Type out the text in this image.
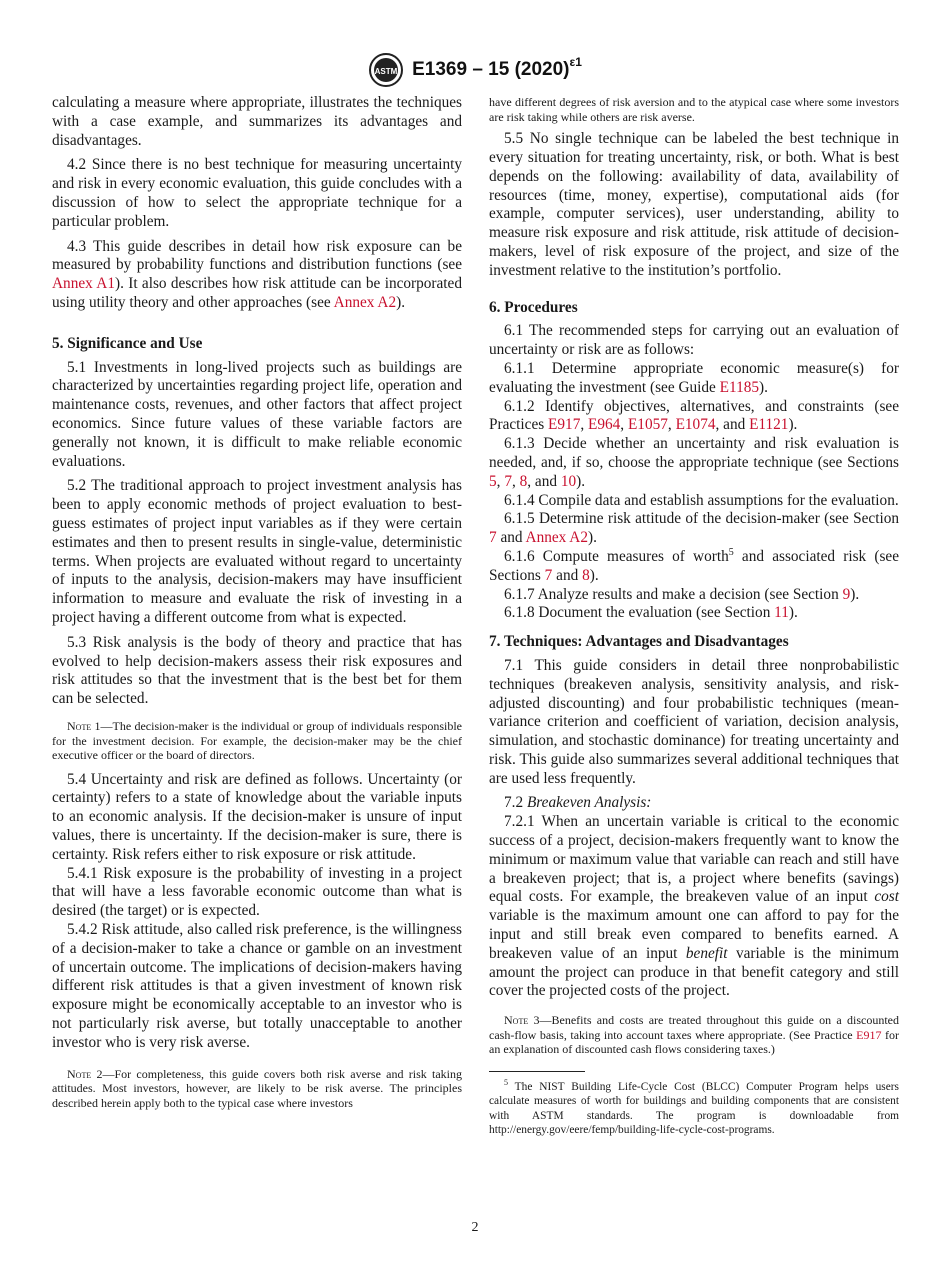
ASTM E1369 – 15 $(2020)^{\varepsilon 1}$

calculating a measure where appropriate, illustrates the techniques with a case example, and summarizes its advantages and disadvantages.

4.2 Since there is no best technique for measuring uncertainty and risk in every economic evaluation, this guide concludes with a discussion of how to select the appropriate technique for a particular problem.

4.3 This guide describes in detail how risk exposure can be measured by probability functions and distribution functions (see Annex A1). It also describes how risk attitude can be incorporated using utility theory and other approaches (see Annex A2).

5. Significance and Use

5.1 Investments in long-lived projects such as buildings are characterized by uncertainties regarding project life, operation and maintenance costs, revenues, and other factors that affect project economics. Since future values of these variable factors are generally not known, it is difficult to make reliable economic evaluations.

5.2 The traditional approach to project investment analysis has been to apply economic methods of project evaluation to best-guess estimates of project input variables as if they were certain estimates and then to present results in single-value, deterministic terms. When projects are evaluated without regard to uncertainty of inputs to the analysis, decision-makers may have insufficient information to measure and evaluate the risk of investing in a project having a different outcome from what is expected.

5.3 Risk analysis is the body of theory and practice that has evolved to help decision-makers assess their risk exposures and risk attitudes so that the investment that is the best bet for them can be selected.

Note 1—The decision-maker is the individual or group of individuals responsible for the investment decision. For example, the decision-maker may be the chief executive officer or the board of directors.

5.4 Uncertainty and risk are defined as follows. Uncertainty (or certainty) refers to a state of knowledge about the variable inputs to an economic analysis. If the decision-maker is unsure of input values, there is uncertainty. If the decision-maker is sure, there is certainty. Risk refers either to risk exposure or risk attitude.

5.4.1 Risk exposure is the probability of investing in a project that will have a less favorable economic outcome than what is desired (the target) or is expected.

5.4.2 Risk attitude, also called risk preference, is the willingness of a decision-maker to take a chance or gamble on an investment of uncertain outcome. The implications of decision-makers having different risk attitudes is that a given investment of known risk exposure might be economically acceptable to an investor who is not particularly risk averse, but totally unacceptable to another investor who is very risk averse.

Note 2—For completeness, this guide covers both risk averse and risk taking attitudes. Most investors, however, are likely to be risk averse. The principles described herein apply both to the typical case where investors

have different degrees of risk aversion and to the atypical case where some investors are risk taking while others are risk averse.

5.5 No single technique can be labeled the best technique in every situation for treating uncertainty, risk, or both. What is best depends on the following: availability of data, availability of resources (time, money, expertise), computational aids (for example, computer services), user understanding, ability to measure risk exposure and risk attitude, risk attitude of decision-makers, level of risk exposure of the project, and size of the investment relative to the institution’s portfolio.

6. Procedures

6.1 The recommended steps for carrying out an evaluation of uncertainty or risk are as follows:

6.1.1 Determine appropriate economic measure(s) for evaluating the investment (see Guide E1185).

6.1.2 Identify objectives, alternatives, and constraints (see Practices E917, E964, E1057, E1074, and E1121).

6.1.3 Decide whether an uncertainty and risk evaluation is needed, and, if so, choose the appropriate technique (see Sections 5, 7, 8, and 10).

6.1.4 Compile data and establish assumptions for the evaluation.

6.1.5 Determine risk attitude of the decision-maker (see Section 7 and Annex A2).

6.1.6 Compute measures of worth$^5$ and associated risk (see Sections 7 and 8).

6.1.7 Analyze results and make a decision (see Section 9).

6.1.8 Document the evaluation (see Section 11).

7. Techniques: Advantages and Disadvantages

7.1 This guide considers in detail three nonprobabilistic techniques (breakeven analysis, sensitivity analysis, and risk-adjusted discounting) and four probabilistic techniques (mean-variance criterion and coefficient of variation, decision analysis, simulation, and stochastic dominance) for treating uncertainty and risk. This guide also summarizes several additional techniques that are used less frequently.

7.2 Breakeven Analysis:

7.2.1 When an uncertain variable is critical to the economic success of a project, decision-makers frequently want to know the minimum or maximum value that variable can reach and still have a breakeven project; that is, a project where benefits (savings) equal costs. For example, the breakeven value of an input cost variable is the maximum amount one can afford to pay for the input and still break even compared to benefits earned. A breakeven value of an input benefit variable is the minimum amount the project can produce in that benefit category and still cover the projected costs of the project.

Note 3—Benefits and costs are treated throughout this guide on a discounted cash-flow basis, taking into account taxes where appropriate. (See Practice E917 for an explanation of discounted cash flows considering taxes.)

$^5$ The NIST Building Life-Cycle Cost (BLCC) Computer Program helps users calculate measures of worth for buildings and building components that are consistent with ASTM standards. The program is downloadable from http://energy.gov/eere/femp/building-life-cycle-cost-programs.

2
